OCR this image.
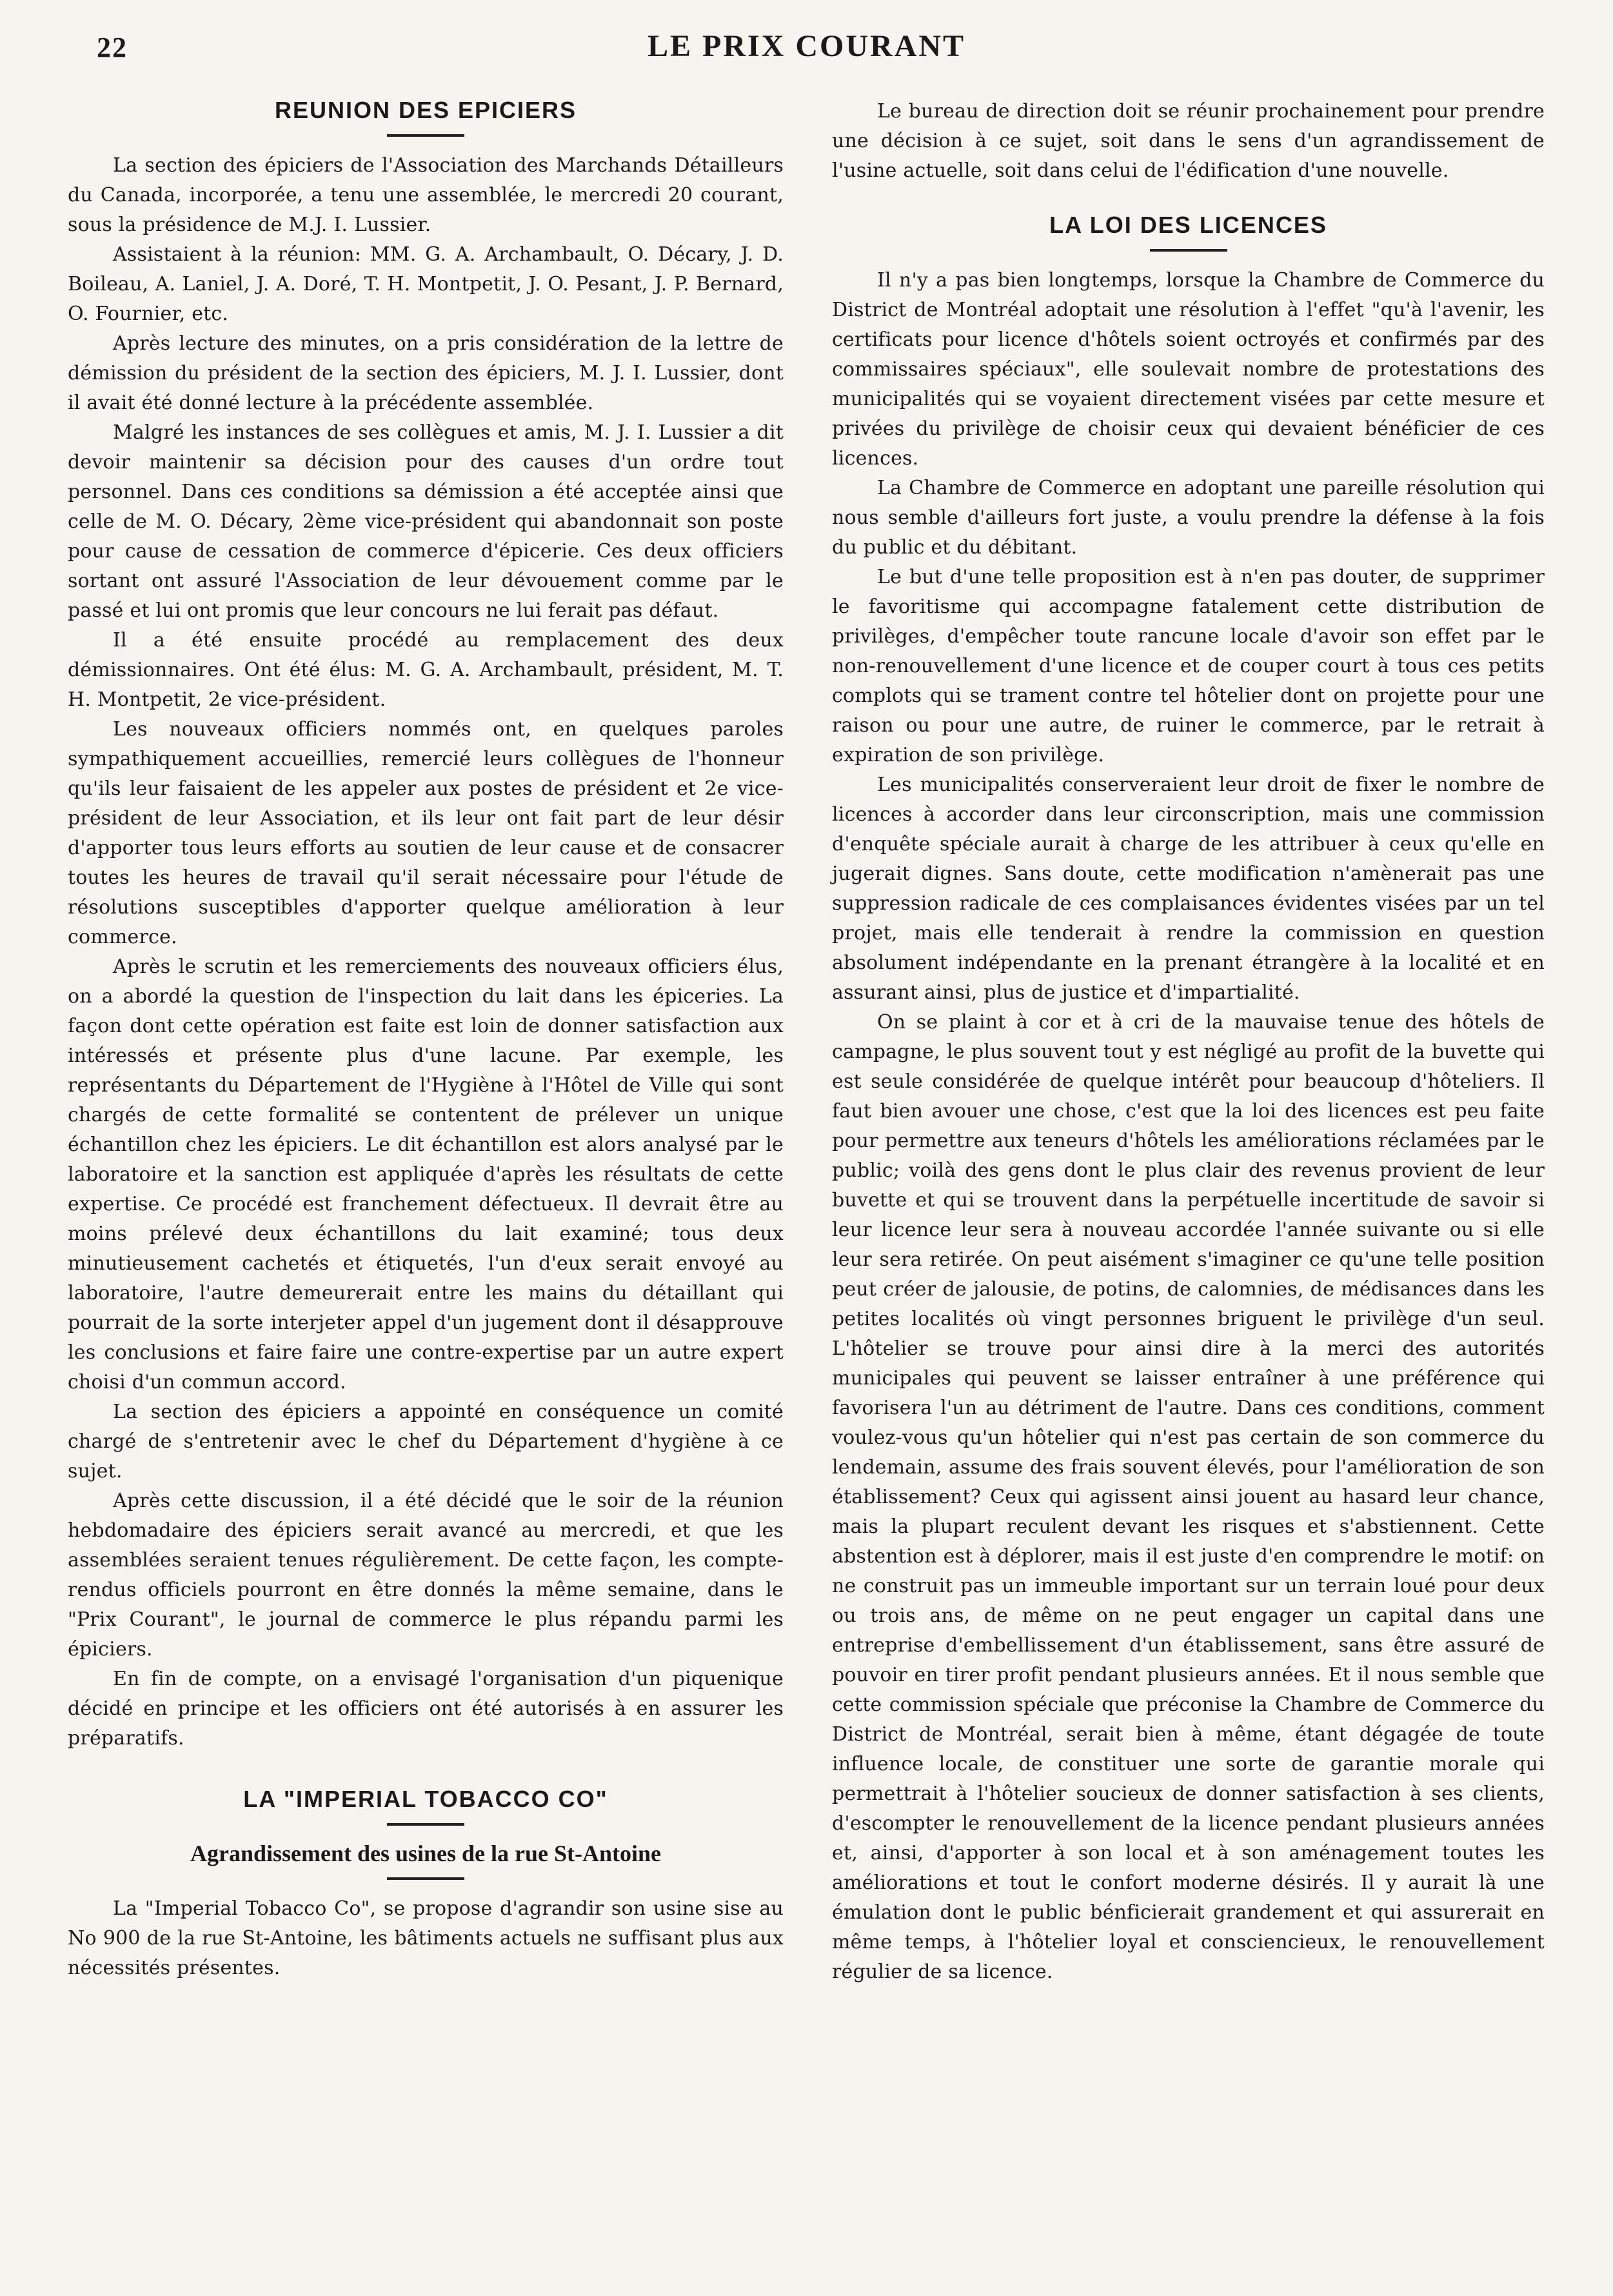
22	LE PRIX COURANT
REUNION DES EPICIERS

La section des épiciers de l'Association des Marchands Détailleurs du Canada, incorporée, a tenu une assemblée, le mercredi 20 courant, sous la présidence de M.J. I. Lussier.

Assistaient à la réunion: MM. G. A. Archambault, O. Décary, J. D. Boileau, A. Laniel, J. A. Doré, T. H. Montpetit, J. O. Pesant, J. P. Bernard, O. Fournier, etc.

Après lecture des minutes, on a pris considération de la lettre de démission du président de la section des épiciers, M. J. I. Lussier, dont il avait été donné lecture à la précédente assemblée.

Malgré les instances de ses collègues et amis, M. J. I. Lussier a dit devoir maintenir sa décision pour des causes d'un ordre tout personnel. Dans ces conditions sa démission a été acceptée ainsi que celle de M. O. Décary, 2ème vice-président qui abandonnait son poste pour cause de cessation de commerce d'épicerie. Ces deux officiers sortant ont assuré l'Association de leur dévouement comme par le passé et lui ont promis que leur concours ne lui ferait pas défaut.

Il a été ensuite procédé au remplacement des deux démissionnaires. Ont été élus: M. G. A. Archambault, président, M. T. H. Montpetit, 2e vice-président.

Les nouveaux officiers nommés ont, en quelques paroles sympathiquement accueillies, remercié leurs collègues de l'honneur qu'ils leur faisaient de les appeler aux postes de président et 2e vice-président de leur Association, et ils leur ont fait part de leur désir d'apporter tous leurs efforts au soutien de leur cause et de consacrer toutes les heures de travail qu'il serait nécessaire pour l'étude de résolutions susceptibles d'apporter quelque amélioration à leur commerce.

Après le scrutin et les remerciements des nouveaux officiers élus, on a abordé la question de l'inspection du lait dans les épiceries. La façon dont cette opération est faite est loin de donner satisfaction aux intéressés et présente plus d'une lacune. Par exemple, les représentants du Département de l'Hygiène à l'Hôtel de Ville qui sont chargés de cette formalité se contentent de prélever un unique échantillon chez les épiciers. Le dit échantillon est alors analysé par le laboratoire et la sanction est appliquée d'après les résultats de cette expertise. Ce procédé est franchement défectueux. Il devrait être au moins prélevé deux échantillons du lait examiné; tous deux minutieusement cachetés et étiquetés, l'un d'eux serait envoyé au laboratoire, l'autre demeurerait entre les mains du détaillant qui pourrait de la sorte interjeter appel d'un jugement dont il désapprouve les conclusions et faire faire une contre-expertise par un autre expert choisi d'un commun accord.

La section des épiciers a appointé en conséquence un comité chargé de s'entretenir avec le chef du Département d'hygiène à ce sujet.

Après cette discussion, il a été décidé que le soir de la réunion hebdomadaire des épiciers serait avancé au mercredi, et que les assemblées seraient tenues régulièrement. De cette façon, les compte-rendus officiels pourront en être donnés la même semaine, dans le "Prix Courant", le journal de commerce le plus répandu parmi les épiciers.

En fin de compte, on a envisagé l'organisation d'un piquenique décidé en principe et les officiers ont été autorisés à en assurer les préparatifs.

LA "IMPERIAL TOBACCO CO"
Agrandissement des usines de la rue St-Antoine

La "Imperial Tobacco Co", se propose d'agrandir son usine sise au No 900 de la rue St-Antoine, les bâtiments actuels ne suffisant plus aux nécessités présentes.

Le bureau de direction doit se réunir prochainement pour prendre une décision à ce sujet, soit dans le sens d'un agrandissement de l'usine actuelle, soit dans celui de l'édification d'une nouvelle.

LA LOI DES LICENCES

Il n'y a pas bien longtemps, lorsque la Chambre de Commerce du District de Montréal adoptait une résolution à l'effet "qu'à l'avenir, les certificats pour licence d'hôtels soient octroyés et confirmés par des commissaires spéciaux", elle soulevait nombre de protestations des municipalités qui se voyaient directement visées par cette mesure et privées du privilège de choisir ceux qui devaient bénéficier de ces licences.

La Chambre de Commerce en adoptant une pareille résolution qui nous semble d'ailleurs fort juste, a voulu prendre la défense à la fois du public et du débitant.

Le but d'une telle proposition est à n'en pas douter, de supprimer le favoritisme qui accompagne fatalement cette distribution de privilèges, d'empêcher toute rancune locale d'avoir son effet par le non-renouvellement d'une licence et de couper court à tous ces petits complots qui se trament contre tel hôtelier dont on projette pour une raison ou pour une autre, de ruiner le commerce, par le retrait à expiration de son privilège.

Les municipalités conserveraient leur droit de fixer le nombre de licences à accorder dans leur circonscription, mais une commission d'enquête spéciale aurait à charge de les attribuer à ceux qu'elle en jugerait dignes. Sans doute, cette modification n'amènerait pas une suppression radicale de ces complaisances évidentes visées par un tel projet, mais elle tenderait à rendre la commission en question absolument indépendante en la prenant étrangère à la localité et en assurant ainsi, plus de justice et d'impartialité.

On se plaint à cor et à cri de la mauvaise tenue des hôtels de campagne, le plus souvent tout y est négligé au profit de la buvette qui est seule considérée de quelque intérêt pour beaucoup d'hôteliers. Il faut bien avouer une chose, c'est que la loi des licences est peu faite pour permettre aux teneurs d'hôtels les améliorations réclamées par le public; voilà des gens dont le plus clair des revenus provient de leur buvette et qui se trouvent dans la perpétuelle incertitude de savoir si leur licence leur sera à nouveau accordée l'année suivante ou si elle leur sera retirée. On peut aisément s'imaginer ce qu'une telle position peut créer de jalousie, de potins, de calomnies, de médisances dans les petites localités où vingt personnes briguent le privilège d'un seul. L'hôtelier se trouve pour ainsi dire à la merci des autorités municipales qui peuvent se laisser entraîner à une préférence qui favorisera l'un au détriment de l'autre. Dans ces conditions, comment voulez-vous qu'un hôtelier qui n'est pas certain de son commerce du lendemain, assume des frais souvent élevés, pour l'amélioration de son établissement? Ceux qui agissent ainsi jouent au hasard leur chance, mais la plupart reculent devant les risques et s'abstiennent. Cette abstention est à déplorer, mais il est juste d'en comprendre le motif: on ne construit pas un immeuble important sur un terrain loué pour deux ou trois ans, de même on ne peut engager un capital dans une entreprise d'embellissement d'un établissement, sans être assuré de pouvoir en tirer profit pendant plusieurs années. Et il nous semble que cette commission spéciale que préconise la Chambre de Commerce du District de Montréal, serait bien à même, étant dégagée de toute influence locale, de constituer une sorte de garantie morale qui permettrait à l'hôtelier soucieux de donner satisfaction à ses clients, d'escompter le renouvellement de la licence pendant plusieurs années et, ainsi, d'apporter à son local et à son aménagement toutes les améliorations et tout le confort moderne désirés. Il y aurait là une émulation dont le public bénficierait grandement et qui assurerait en même temps, à l'hôtelier loyal et consciencieux, le renouvellement régulier de sa licence.
